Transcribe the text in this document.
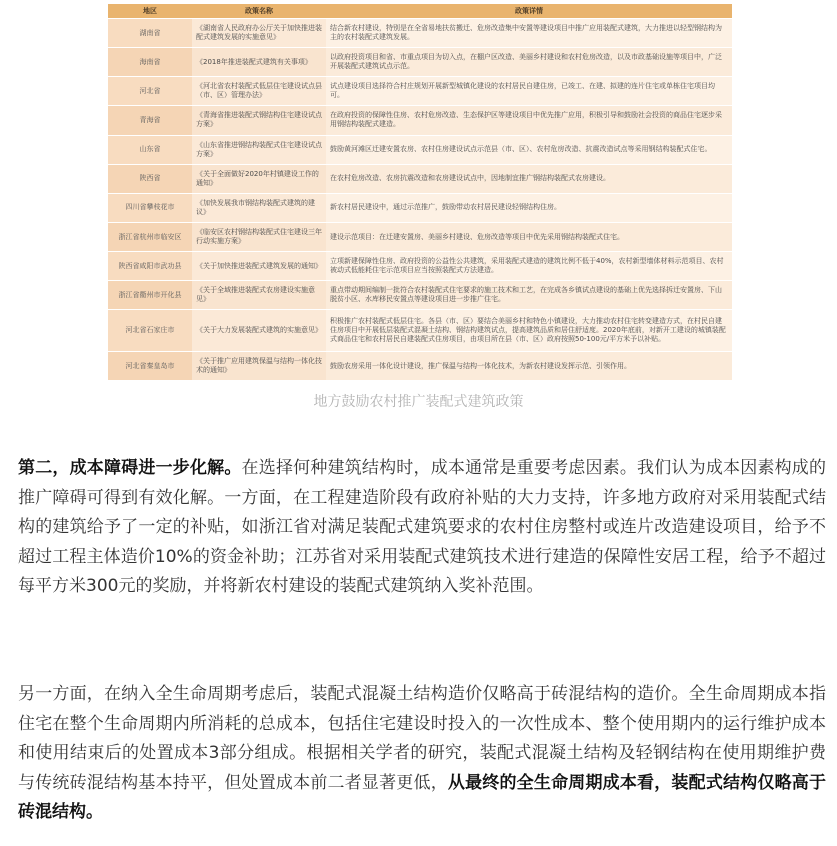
地区	政策名称	政策详情
湖南省	《湖南省人民政府办公厅关于加快推进装配式建筑发展的实施意见》	结合新农村建设，特别是在全省易地扶贫搬迁、危房改造集中安置等建设项目中推广应用装配式建筑，大力推进以轻型钢结构为主的农村装配式建筑发展。
海南省	《2018年推进装配式建筑有关事项》	以政府投资项目和省、市重点项目为切入点，在棚户区改造、美丽乡村建设和农村危房改造，以及市政基础设施等项目中，广泛开展装配式建筑试点示范。
河北省	《河北省农村装配式低层住宅建设试点县（市、区）管理办法》	试点建设项目选择符合村庄规划开展新型城镇化建设的农村居民自建住房，已竣工、在建、拟建的连片住宅或单栋住宅项目均可。
青海省	《青海省推进装配式钢结构住宅建设试点方案》	在政府投资的保障性住房、农村危房改造、生态保护区等建设项目中优先推广应用，积极引导和鼓励社会投资的商品住宅逐步采用钢结构装配式建造。
山东省	《山东省推进钢结构装配式住宅建设试点方案》	鼓励黄河滩区迁建安置农房、农村住房建设试点示范县（市、区）、农村危房改造、抗震改造试点等采用钢结构装配式住宅。
陕西省	《关于全面做好2020年村镇建设工作的通知》	在农村危房改造、农房抗震改造和农房建设试点中，因地制宜推广钢结构装配式农房建设。
四川省攀枝花市	《加快发展我市钢结构装配式建筑的建议》	新农村居民建设中，通过示范推广，鼓励带动农村居民建设轻钢结构住房。
浙江省杭州市临安区	《临安区农村钢结构装配式住宅建设三年行动实施方案》	建设示范项目：在迁建安置房、美丽乡村建设、危房改造等项目中优先采用钢结构装配式住宅。
陕西省咸阳市武功县	《关于加快推进装配式建筑发展的通知》	立项新建保障性住房、政府投资的公益性公共建筑，采用装配式建造的建筑比例不低于40%，农村新型墙体材料示范项目、农村被动式低能耗住宅示范项目应当按照装配式方法建造。
浙江省衢州市开化县	《关于全域推进装配式农房建设实施意见》	重点带动期间编制一批符合农村装配式住宅要求的施工技术和工艺，在完成各乡镇试点建设的基础上优先选择拆迁安置房、下山脱贫小区、水库移民安置点等建设项目进一步推广住宅。
河北省石家庄市	《关于大力发展装配式建筑的实施意见》	积极推广农村装配式低层住宅。各县（市、区）要结合美丽乡村和特色小镇建设，大力推动农村住宅转变建造方式，在村民自建住房项目中开展低层装配式混凝土结构、钢结构建筑试点，提高建筑品质和居住舒适度。2020年底前，对新开工建设的城镇装配式商品住宅和农村居民自建装配式住房项目，由项目所在县（市、区）政府按照50-100元/平方米予以补贴。
河北省秦皇岛市	《关于推广应用建筑保温与结构一体化技术的通知》	鼓励农房采用一体化设计建设，推广保温与结构一体化技术，为新农村建设发挥示范、引领作用。
地方鼓励农村推广装配式建筑政策

第二，成本障碍进一步化解。在选择何种建筑结构时，成本通常是重要考虑因素。我们认为成本因素构成的推广障碍可得到有效化解。一方面，在工程建造阶段有政府补贴的大力支持，许多地方政府对采用装配式结构的建筑给予了一定的补贴，如浙江省对满足装配式建筑要求的农村住房整村或连片改造建设项目，给予不超过工程主体造价10%的资金补助；江苏省对采用装配式建筑技术进行建造的保障性安居工程，给予不超过每平方米300元的奖励，并将新农村建设的装配式建筑纳入奖补范围。

另一方面，在纳入全生命周期考虑后，装配式混凝土结构造价仅略高于砖混结构的造价。全生命周期成本指住宅在整个生命周期内所消耗的总成本，包括住宅建设时投入的一次性成本、整个使用期内的运行维护成本和使用结束后的处置成本3部分组成。根据相关学者的研究，装配式混凝土结构及轻钢结构在使用期维护费与传统砖混结构基本持平，但处置成本前二者显著更低，从最终的全生命周期成本看，装配式结构仅略高于砖混结构。
